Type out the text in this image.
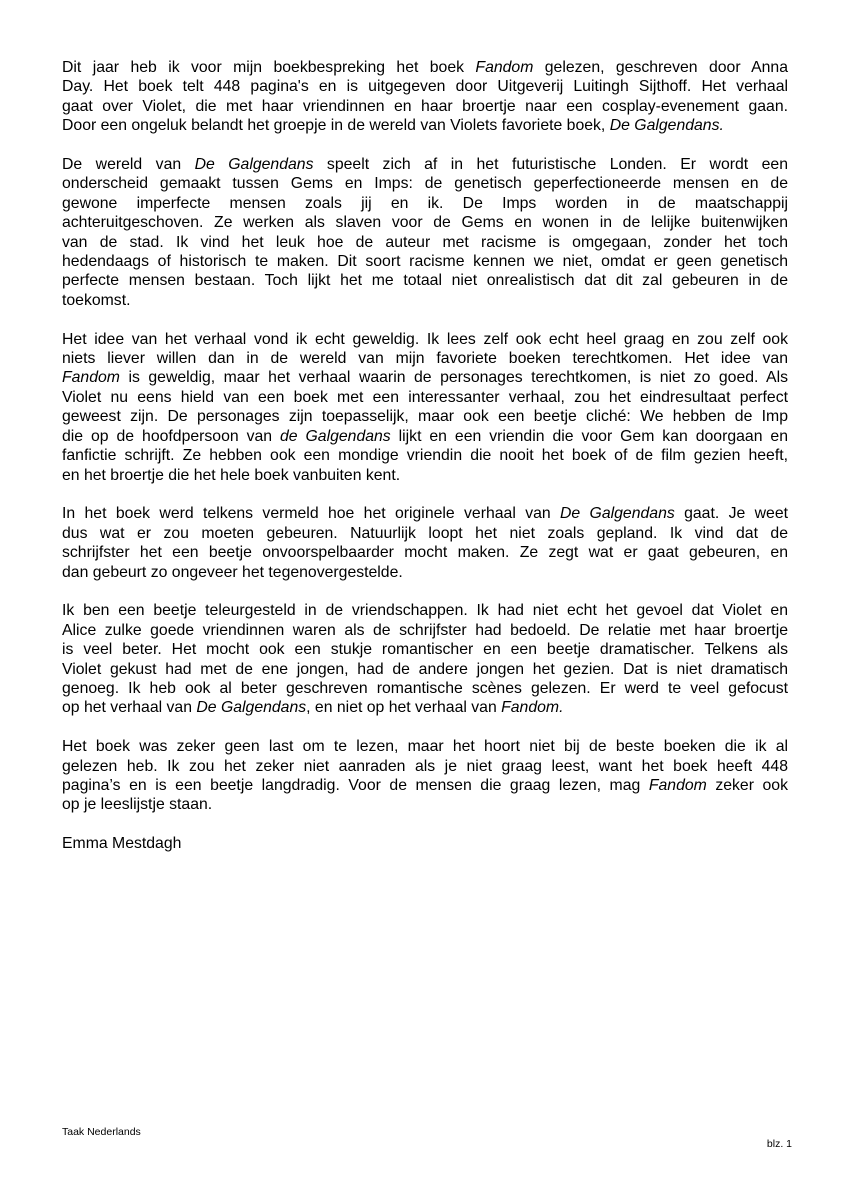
Dit jaar heb ik voor mijn boekbespreking het boek Fandom gelezen, geschreven door Anna
Day. Het boek telt 448 pagina's en is uitgegeven door Uitgeverij Luitingh Sijthoff. Het verhaal
gaat over Violet, die met haar vriendinnen en haar broertje naar een cosplay-evenement gaan.
Door een ongeluk belandt het groepje in de wereld van Violets favoriete boek, De Galgendans.

De wereld van De Galgendans speelt zich af in het futuristische Londen. Er wordt een
onderscheid gemaakt tussen Gems en Imps: de genetisch geperfectioneerde mensen en de
gewone imperfecte mensen zoals jij en ik. De Imps worden in de maatschappij
achteruitgeschoven. Ze werken als slaven voor de Gems en wonen in de lelijke buitenwijken
van de stad. Ik vind het leuk hoe de auteur met racisme is omgegaan, zonder het toch
hedendaags of historisch te maken. Dit soort racisme kennen we niet, omdat er geen genetisch
perfecte mensen bestaan. Toch lijkt het me totaal niet onrealistisch dat dit zal gebeuren in de
toekomst.

Het idee van het verhaal vond ik echt geweldig. Ik lees zelf ook echt heel graag en zou zelf ook
niets liever willen dan in de wereld van mijn favoriete boeken terechtkomen. Het idee van
Fandom is geweldig, maar het verhaal waarin de personages terechtkomen, is niet zo goed. Als
Violet nu eens hield van een boek met een interessanter verhaal, zou het eindresultaat perfect
geweest zijn. De personages zijn toepasselijk, maar ook een beetje cliché: We hebben de Imp
die op de hoofdpersoon van de Galgendans lijkt en een vriendin die voor Gem kan doorgaan en
fanfictie schrijft. Ze hebben ook een mondige vriendin die nooit het boek of de film gezien heeft,
en het broertje die het hele boek vanbuiten kent.

In het boek werd telkens vermeld hoe het originele verhaal van De Galgendans gaat. Je weet
dus wat er zou moeten gebeuren. Natuurlijk loopt het niet zoals gepland. Ik vind dat de
schrijfster het een beetje onvoorspelbaarder mocht maken. Ze zegt wat er gaat gebeuren, en
dan gebeurt zo ongeveer het tegenovergestelde.

Ik ben een beetje teleurgesteld in de vriendschappen. Ik had niet echt het gevoel dat Violet en
Alice zulke goede vriendinnen waren als de schrijfster had bedoeld. De relatie met haar broertje
is veel beter. Het mocht ook een stukje romantischer en een beetje dramatischer. Telkens als
Violet gekust had met de ene jongen, had de andere jongen het gezien. Dat is niet dramatisch
genoeg. Ik heb ook al beter geschreven romantische scènes gelezen. Er werd te veel gefocust
op het verhaal van De Galgendans, en niet op het verhaal van Fandom.

Het boek was zeker geen last om te lezen, maar het hoort niet bij de beste boeken die ik al
gelezen heb. Ik zou het zeker niet aanraden als je niet graag leest, want het boek heeft 448
pagina’s en is een beetje langdradig. Voor de mensen die graag lezen, mag Fandom zeker ook
op je leeslijstje staan.

Emma Mestdagh

Taak Nederlands
blz. 1
